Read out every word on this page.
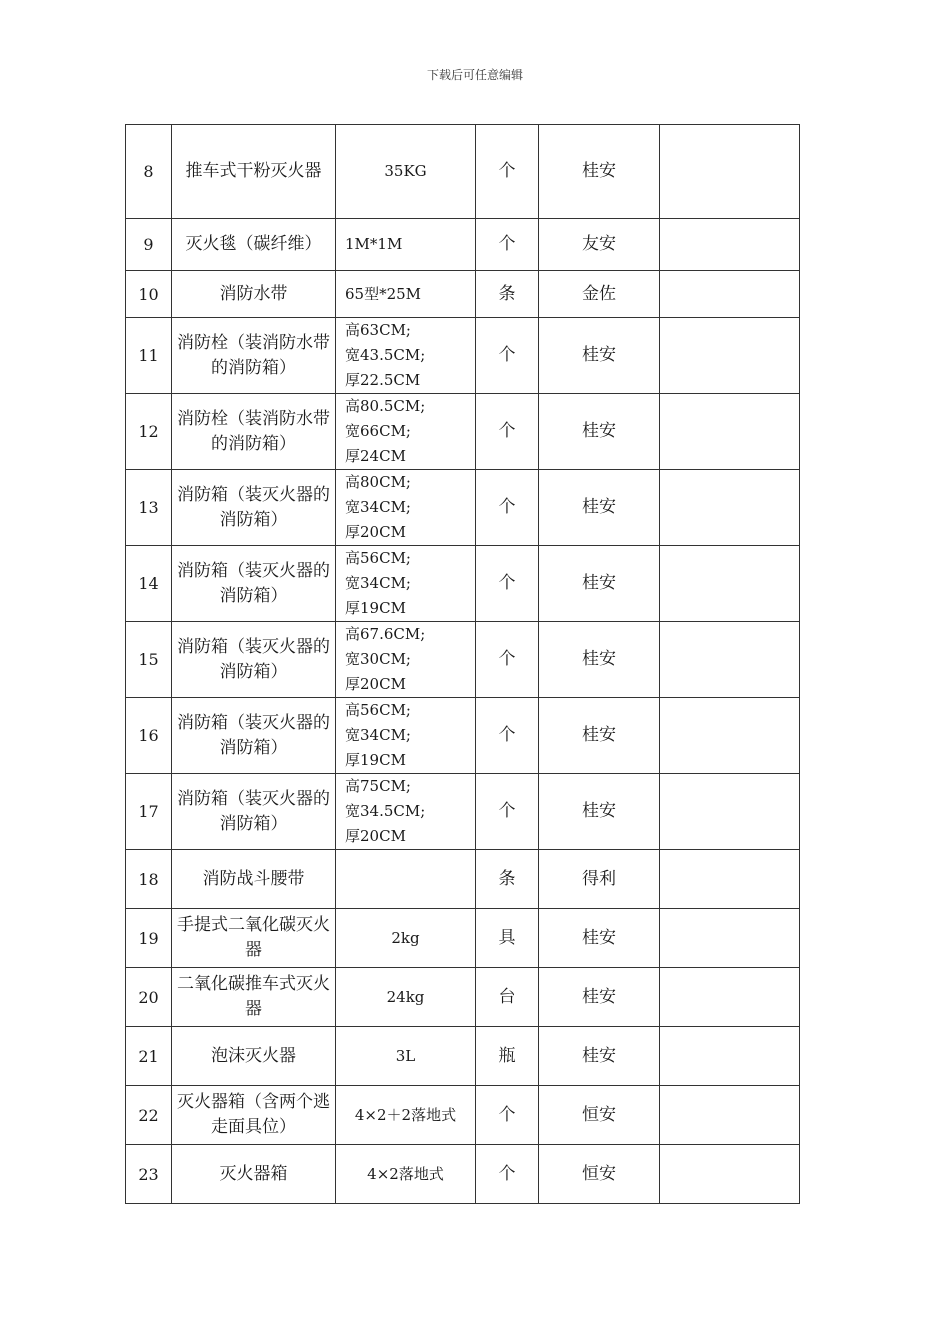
下载后可任意编辑
8	推车式干粉灭火器	35KG	个	桂安	
9	灭火毯（碳纤维）	1M*1M	个	友安	
10	消防水带	65型*25M	条	金佐	
11	消防栓（装消防水带的消防箱）	高63CM;
宽43.5CM;
厚22.5CM	个	桂安	
12	消防栓（装消防水带的消防箱）	高80.5CM;
宽66CM;
厚24CM	个	桂安	
13	消防箱（装灭火器的消防箱）	高80CM;
宽34CM;
厚20CM	个	桂安	
14	消防箱（装灭火器的消防箱）	高56CM;
宽34CM;
厚19CM	个	桂安	
15	消防箱（装灭火器的消防箱）	高67.6CM;
宽30CM;
厚20CM	个	桂安	
16	消防箱（装灭火器的消防箱）	高56CM;
宽34CM;
厚19CM	个	桂安	
17	消防箱（装灭火器的消防箱）	高75CM;
宽34.5CM;
厚20CM	个	桂安	
18	消防战斗腰带		条	得利	
19	手提式二氧化碳灭火器	2kg	具	桂安	
20	二氧化碳推车式灭火器	24kg	台	桂安	
21	泡沫灭火器	3L	瓶	桂安	
22	灭火器箱（含两个逃走面具位）	4×2＋2落地式	个	恒安	
23	灭火器箱	4×2落地式	个	恒安	
